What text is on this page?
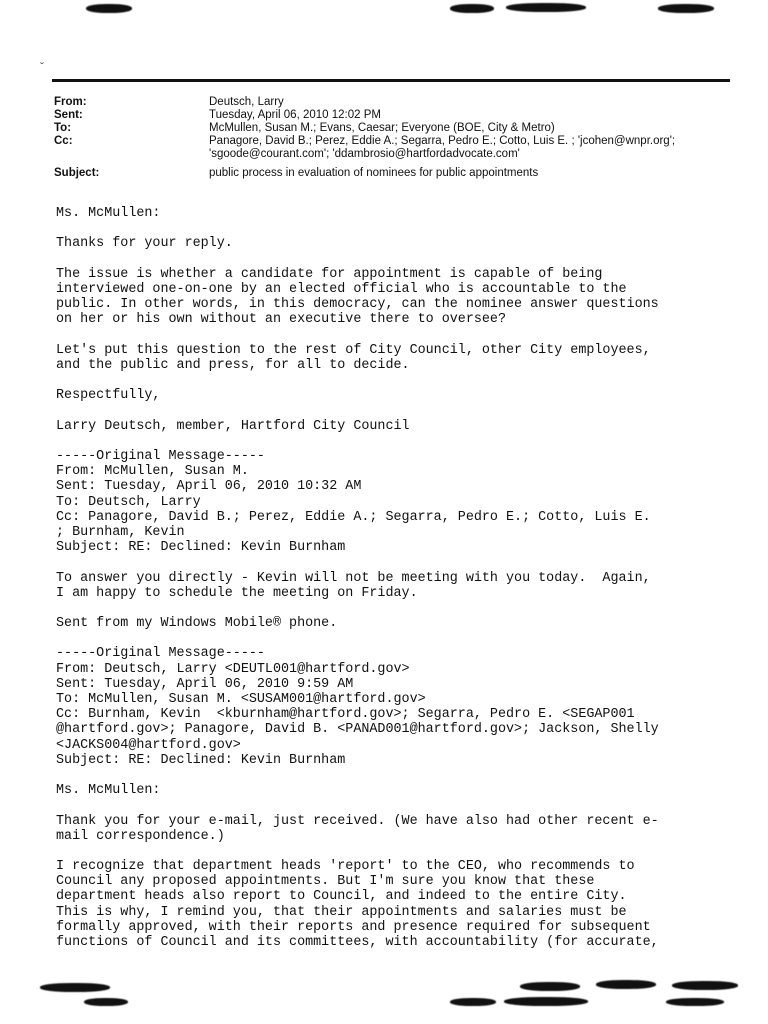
ˇ
From:	Deutsch, Larry
Sent:	Tuesday, April 06, 2010 12:02 PM
To:	McMullen, Susan M.; Evans, Caesar; Everyone (BOE, City & Metro)
Cc:	Panagore, David B.; Perez, Eddie A.; Segarra, Pedro E.; Cotto, Luis E. ; 'jcohen@wnpr.org';
'sgoode@courant.com'; 'ddambrosio@hartfordadvocate.com'
Subject:	public process in evaluation of nominees for public appointments
Ms. McMullen:
Thanks for your reply.
The issue is whether a candidate for appointment is capable of being
interviewed one-on-one by an elected official who is accountable to the
public. In other words, in this democracy, can the nominee answer questions
on her or his own without an executive there to oversee?
Let's put this question to the rest of City Council, other City employees,
and the public and press, for all to decide.
Respectfully,
Larry Deutsch, member, Hartford City Council
-----Original Message-----
From: McMullen, Susan M.
Sent: Tuesday, April 06, 2010 10:32 AM
To: Deutsch, Larry
Cc: Panagore, David B.; Perez, Eddie A.; Segarra, Pedro E.; Cotto, Luis E.
; Burnham, Kevin
Subject: RE: Declined: Kevin Burnham
To answer you directly - Kevin will not be meeting with you today.  Again,
I am happy to schedule the meeting on Friday.
Sent from my Windows Mobile® phone.
-----Original Message-----
From: Deutsch, Larry <DEUTL001@hartford.gov>
Sent: Tuesday, April 06, 2010 9:59 AM
To: McMullen, Susan M. <SUSAM001@hartford.gov>
Cc: Burnham, Kevin  <kburnham@hartford.gov>; Segarra, Pedro E. <SEGAP001
@hartford.gov>; Panagore, David B. <PANAD001@hartford.gov>; Jackson, Shelly
<JACKS004@hartford.gov>
Subject: RE: Declined: Kevin Burnham
Ms. McMullen:
Thank you for your e-mail, just received. (We have also had other recent e-
mail correspondence.)
I recognize that department heads 'report' to the CEO, who recommends to
Council any proposed appointments. But I'm sure you know that these
department heads also report to Council, and indeed to the entire City.
This is why, I remind you, that their appointments and salaries must be
formally approved, with their reports and presence required for subsequent
functions of Council and its committees, with accountability (for accurate,
